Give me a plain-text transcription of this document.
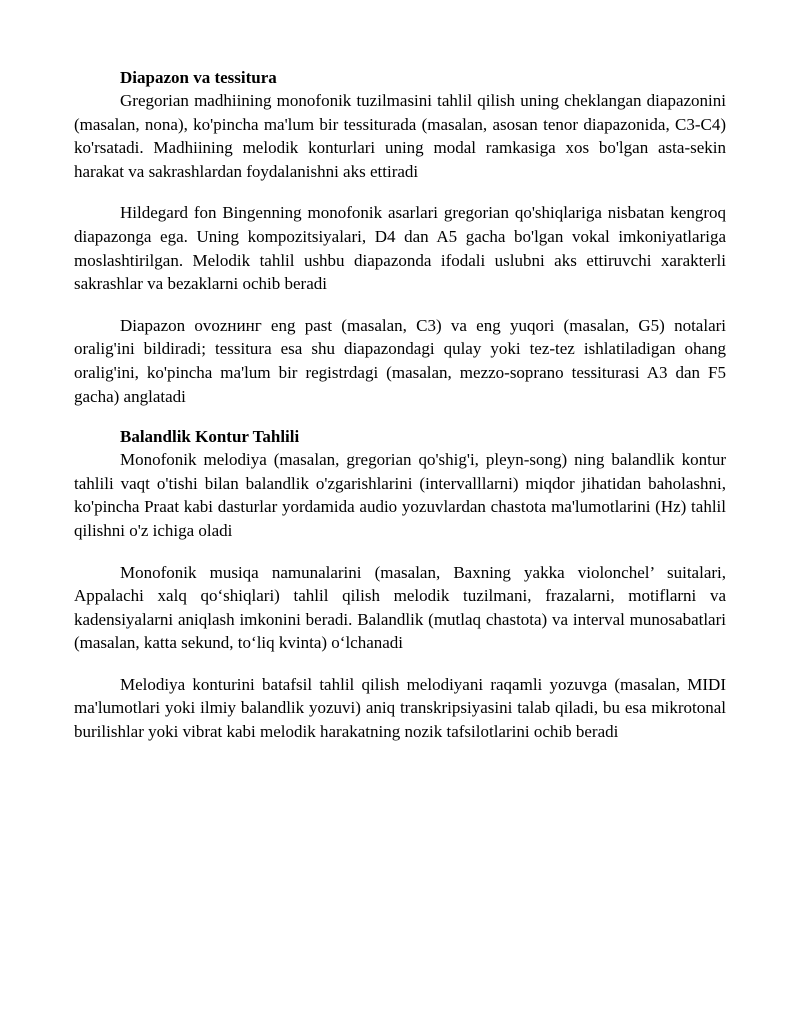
Diapazon va tessitura

Gregorian madhiining monofonik tuzilmasini tahlil qilish uning cheklangan diapazonini (masalan, nona), ko'pincha ma'lum bir tessiturada (masalan, asosan tenor diapazonida, C3-C4) ko'rsatadi. Madhiining melodik konturlari uning modal ramkasiga xos bo'lgan asta-sekin harakat va sakrashlardan foydalanishni aks ettiradi

Hildegard fon Bingenning monofonik asarlari gregorian qo'shiqlariga nisbatan kengroq diapazonga ega. Uning kompozitsiyalari, D4 dan A5 gacha bo'lgan vokal imkoniyatlariga moslashtirilgan. Melodik tahlil ushbu diapazonda ifodali uslubni aks ettiruvchi xarakterli sakrashlar va bezaklarni ochib beradi

Diapazon ovozнинг eng past (masalan, C3) va eng yuqori (masalan, G5) notalari oralig'ini bildiradi; tessitura esa shu diapazondagi qulay yoki tez-tez ishlatiladigan ohang oralig'ini, ko'pincha ma'lum bir registrdagi (masalan, mezzo-soprano tessiturasi A3 dan F5 gacha) anglatadi

Balandlik Kontur Tahlili

Monofonik melodiya (masalan, gregorian qo'shig'i, pleyn-song) ning balandlik kontur tahlili vaqt o'tishi bilan balandlik o'zgarishlarini (intervalllarni) miqdor jihatidan baholashni, ko'pincha Praat kabi dasturlar yordamida audio yozuvlardan chastota ma'lumotlarini (Hz) tahlil qilishni o'z ichiga oladi

Monofonik musiqa namunalarini (masalan, Baxning yakka violonchel’ suitalari, Appalachi xalq qo‘shiqlari) tahlil qilish melodik tuzilmani, frazalarni, motiflarni va kadensiyalarni aniqlash imkonini beradi. Balandlik (mutlaq chastota) va interval munosabatlari (masalan, katta sekund, to‘liq kvinta) o‘lchanadi

Melodiya konturini batafsil tahlil qilish melodiyani raqamli yozuvga (masalan, MIDI ma'lumotlari yoki ilmiy balandlik yozuvi) aniq transkripsiyasini talab qiladi, bu esa mikrotonal burilishlar yoki vibrat kabi melodik harakatning nozik tafsilotlarini ochib beradi
